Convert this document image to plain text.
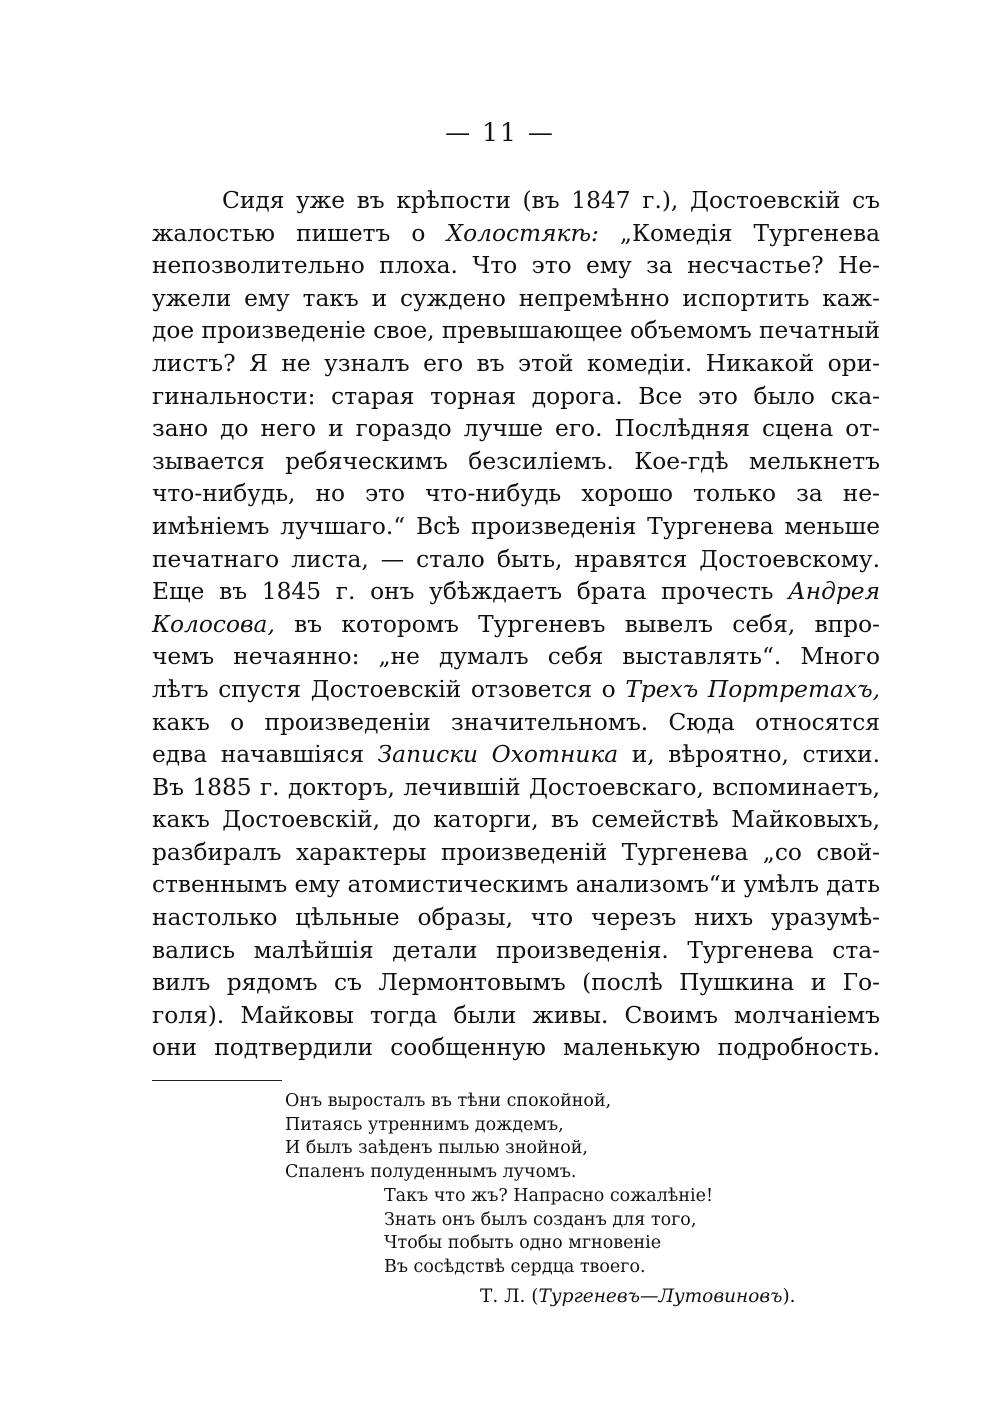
— 11 —
Сидя уже въ крѣпости (въ 1847 г.), Достоевскій съ
жалостью пишетъ о Холостякѣ: „Комедія Тургенева
непозволительно плоха. Что это ему за несчастье? Не-
ужели ему такъ и суждено непремѣнно испортить каж-
дое произведеніе свое, превышающее объемомъ печатный
листъ? Я не узналъ его въ этой комедіи. Никакой ори-
гинальности: старая торная дорога. Все это было ска-
зано до него и гораздо лучше его. Послѣдняя сцена от-
зывается ребяческимъ безсиліемъ. Кое-гдѣ мелькнетъ
что-нибудь, но это что-нибудь хорошо только за не-
имѣніемъ лучшаго.“ Всѣ произведенія Тургенева меньше
печатнаго листа, — стало быть, нравятся Достоевскому.
Еще въ 1845 г. онъ убѣждаетъ брата прочесть Андрея
Колосова, въ которомъ Тургеневъ вывелъ себя, впро-
чемъ нечаянно: „не думалъ себя выставлять“. Много
лѣтъ спустя Достоевскій отзовется о Трехъ Портретахъ,
какъ о произведеніи значительномъ. Сюда относятся
едва начавшіяся Записки Охотника и, вѣроятно, стихи.
Въ 1885 г. докторъ, лечившій Достоевскаго, вспоминаетъ,
какъ Достоевскій, до каторги, въ семействѣ Майковыхъ,
разбиралъ характеры произведеній Тургенева „со свой-
ственнымъ ему атомистическимъ анализомъ“и умѣлъ дать
настолько цѣльные образы, что черезъ нихъ уразумѣ-
вались малѣйшія детали произведенія. Тургенева ста-
вилъ рядомъ съ Лермонтовымъ (послѣ Пушкина и Го-
голя). Майковы тогда были живы. Своимъ молчаніемъ
они подтвердили сообщенную маленькую подробность.
Онъ выросталъ въ тѣни спокойной,
Питаясь утреннимъ дождемъ,
И былъ заѣденъ пылью знойной,
Спаленъ полуденнымъ лучомъ.
Такъ что жъ? Напрасно сожалѣніе!
Знать онъ былъ созданъ для того,
Чтобы побыть одно мгновеніе
Въ сосѣдствѣ сердца твоего.
Т. Л. (Тургеневъ—Лутовиновъ).
